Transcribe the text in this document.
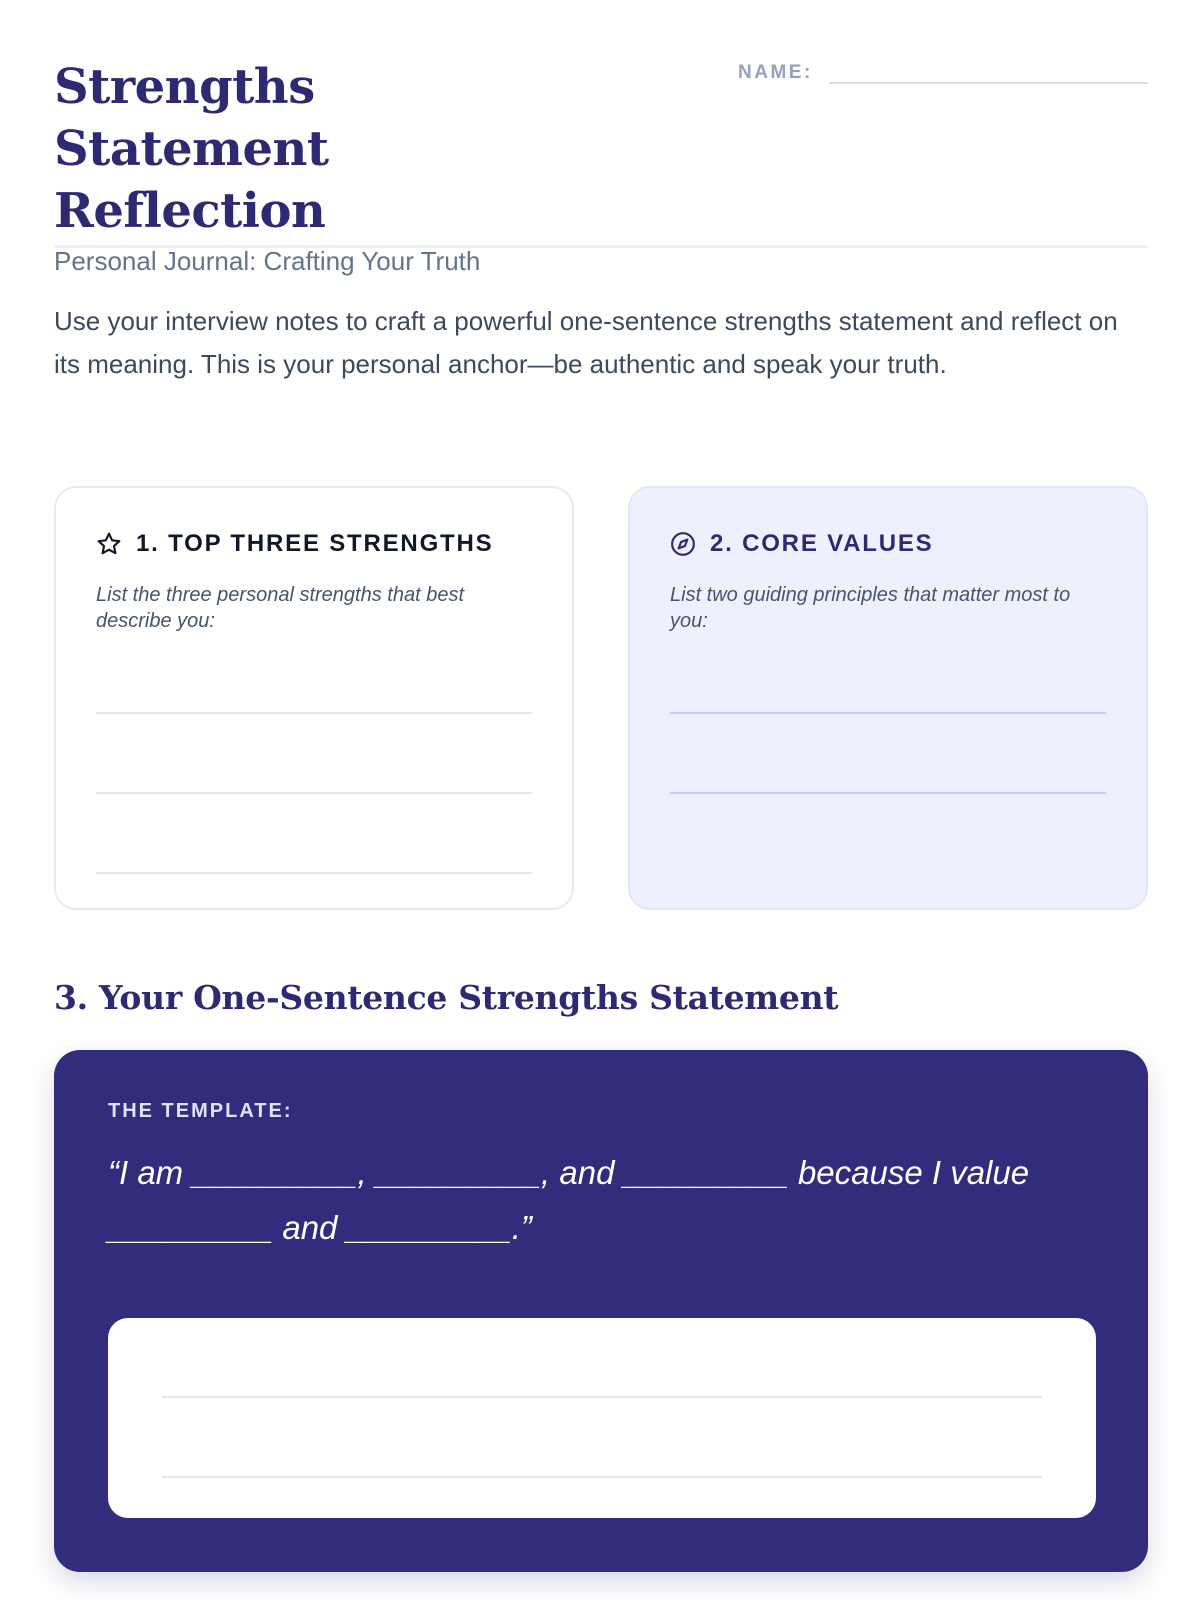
Strengths Statement Reflection
Personal Journal: Crafting Your Truth
NAME:

Use your interview notes to craft a powerful one-sentence strengths statement and reflect on its meaning. This is your personal anchor—be authentic and speak your truth.

1. TOP THREE STRENGTHS

List the three personal strengths that best describe you:

2. CORE VALUES

List two guiding principles that matter most to you:

3. Your One-Sentence Strengths Statement
THE TEMPLATE:

“I am _________, _________, and _________ because I value _________ and _________.”
